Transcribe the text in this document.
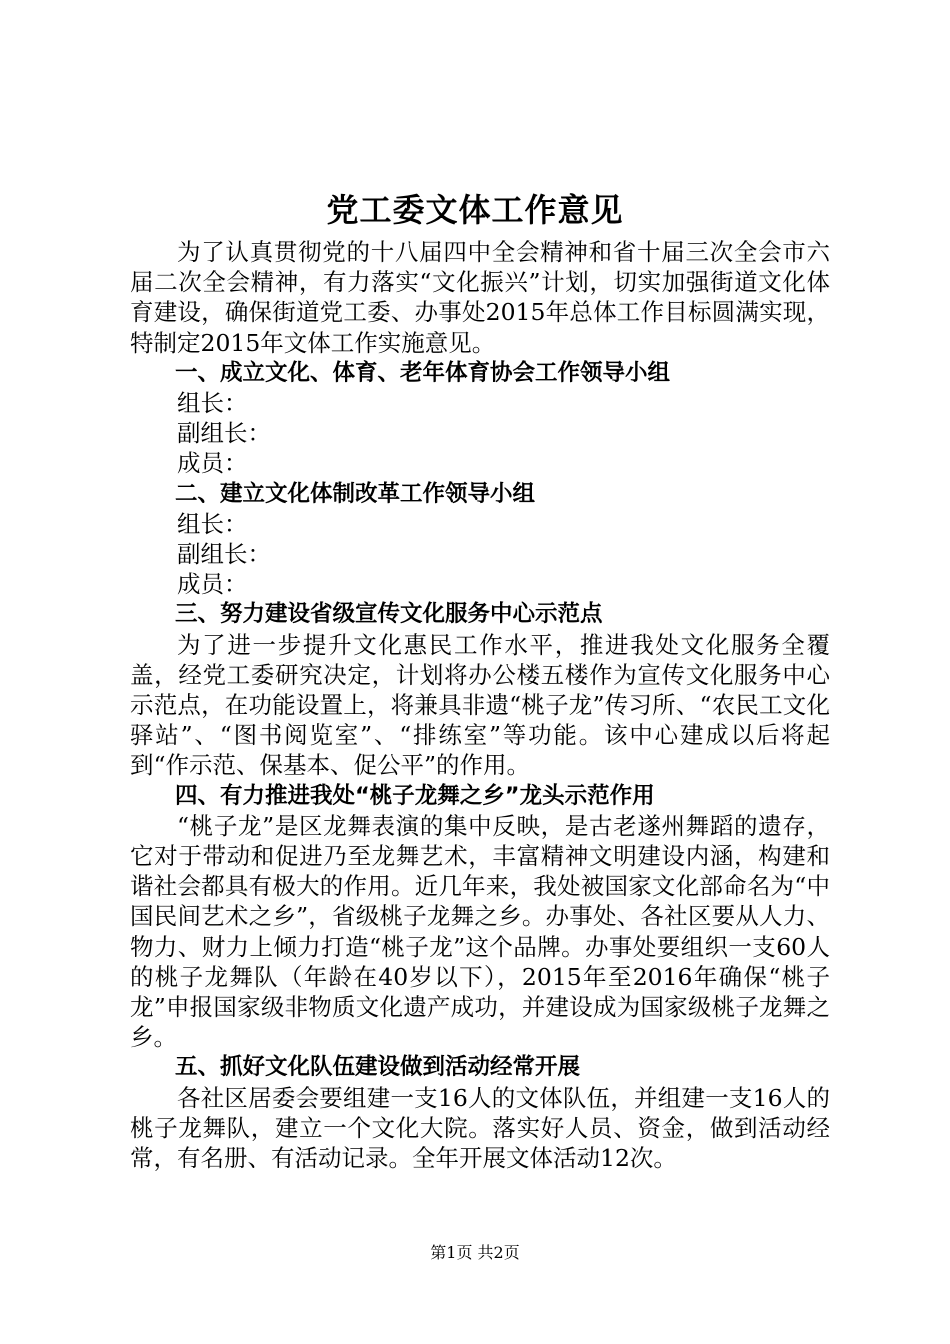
党工委文体工作意见

为了认真贯彻党的十八届四中全会精神和省十届三次全会市六届二次全会精神，有力落实“文化振兴”计划，切实加强街道文化体育建设，确保街道党工委、办事处2015年总体工作目标圆满实现，特制定2015年文体工作实施意见。

一、成立文化、体育、老年体育协会工作领导小组

组长：

副组长：

成员：

二、建立文化体制改革工作领导小组

组长：

副组长：

成员：

三、努力建设省级宣传文化服务中心示范点

为了进一步提升文化惠民工作水平，推进我处文化服务全覆盖，经党工委研究决定，计划将办公楼五楼作为宣传文化服务中心示范点，在功能设置上，将兼具非遗“桃子龙”传习所、“农民工文化驿站”、“图书阅览室”、“排练室”等功能。该中心建成以后将起到“作示范、保基本、促公平”的作用。

四、有力推进我处“桃子龙舞之乡”龙头示范作用

“桃子龙”是区龙舞表演的集中反映，是古老遂州舞蹈的遗存，它对于带动和促进乃至龙舞艺术，丰富精神文明建设内涵，构建和谐社会都具有极大的作用。近几年来，我处被国家文化部命名为“中国民间艺术之乡”，省级桃子龙舞之乡。办事处、各社区要从人力、物力、财力上倾力打造“桃子龙”这个品牌。办事处要组织一支60人的桃子龙舞队（年龄在40岁以下），2015年至2016年确保“桃子龙”申报国家级非物质文化遗产成功，并建设成为国家级桃子龙舞之乡。

五、抓好文化队伍建设做到活动经常开展

各社区居委会要组建一支16人的文体队伍，并组建一支16人的桃子龙舞队，建立一个文化大院。落实好人员、资金，做到活动经常，有名册、有活动记录。全年开展文体活动12次。

第1页 共2页
